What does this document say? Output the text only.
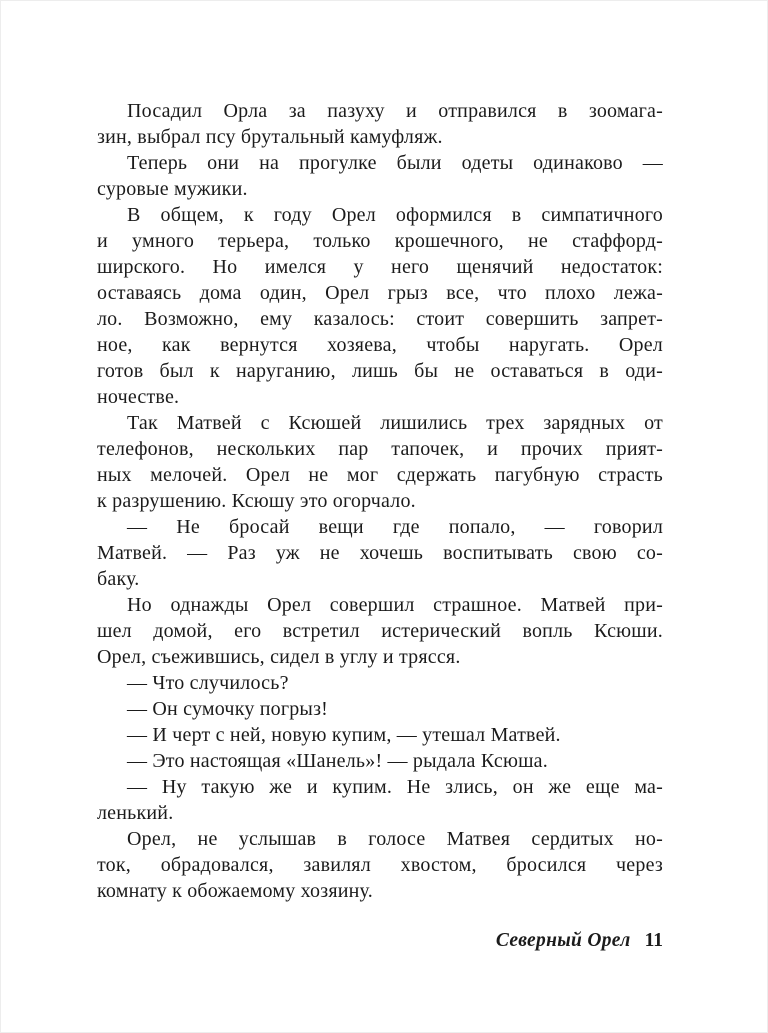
Посадил Орла за пазуху и отправился в зоомага-
зин, выбрал псу брутальный камуфляж.
Теперь они на прогулке были одеты одинаково —
суровые мужики.
В общем, к году Орел оформился в симпатичного
и умного терьера, только крошечного, не стаффорд-
ширского. Но имелся у него щенячий недостаток:
оставаясь дома один, Орел грыз все, что плохо лежа-
ло. Возможно, ему казалось: стоит совершить запрет-
ное, как вернутся хозяева, чтобы наругать. Орел
готов был к наруганию, лишь бы не оставаться в оди-
ночестве.
Так Матвей с Ксюшей лишились трех зарядных от
телефонов, нескольких пар тапочек, и прочих прият-
ных мелочей. Орел не мог сдержать пагубную страсть
к разрушению. Ксюшу это огорчало.
— Не бросай вещи где попало, — говорил
Матвей. — Раз уж не хочешь воспитывать свою со-
баку.
Но однажды Орел совершил страшное. Матвей при-
шел домой, его встретил истерический вопль Ксюши.
Орел, съежившись, сидел в углу и трясся.
— Что случилось?
— Он сумочку погрыз!
— И черт с ней, новую купим, — утешал Матвей.
— Это настоящая «Шанель»! — рыдала Ксюша.
— Ну такую же и купим. Не злись, он же еще ма-
ленький.
Орел, не услышав в голосе Матвея сердитых но-
ток, обрадовался, завилял хвостом, бросился через
комнату к обожаемому хозяину.
Северный Орел 11
